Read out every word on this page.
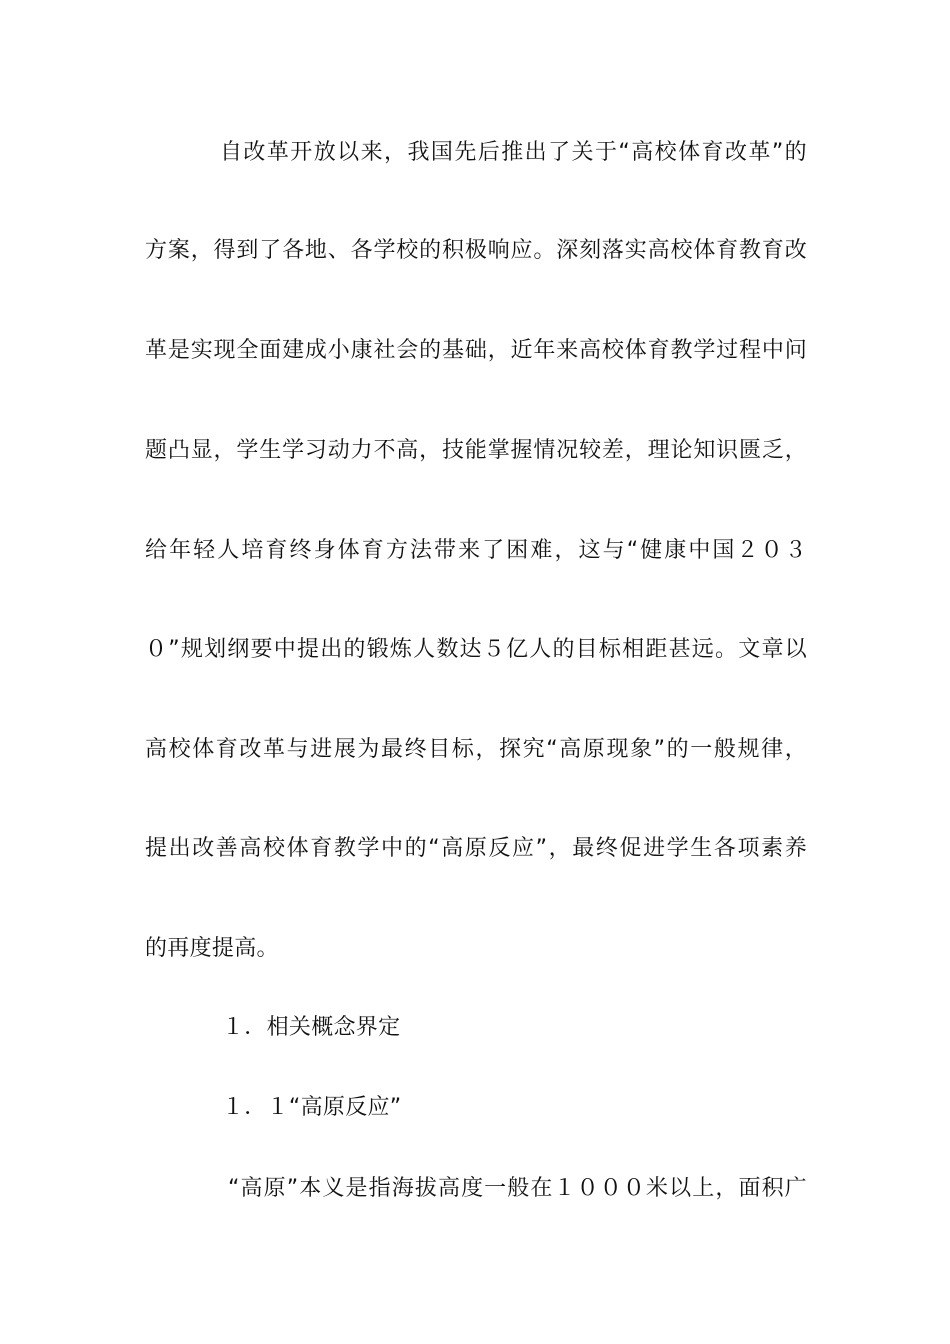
自改革开放以来，我国先后推出了关于“高校体育改革”的
方案，得到了各地、各学校的积极响应。深刻落实高校体育教育改
革是实现全面建成小康社会的基础，近年来高校体育教学过程中问
题凸显，学生学习动力不高，技能掌握情况较差，理论知识匮乏，
给年轻人培育终身体育方法带来了困难，这与“健康中国２０３
０”规划纲要中提出的锻炼人数达５亿人的目标相距甚远。文章以
高校体育改革与进展为最终目标，探究“高原现象”的一般规律，
提出改善高校体育教学中的“高原反应”，最终促进学生各项素养
的再度提高。
１．相关概念界定
１．１“高原反应”
“高原”本义是指海拔高度一般在１０００米以上，面积广
